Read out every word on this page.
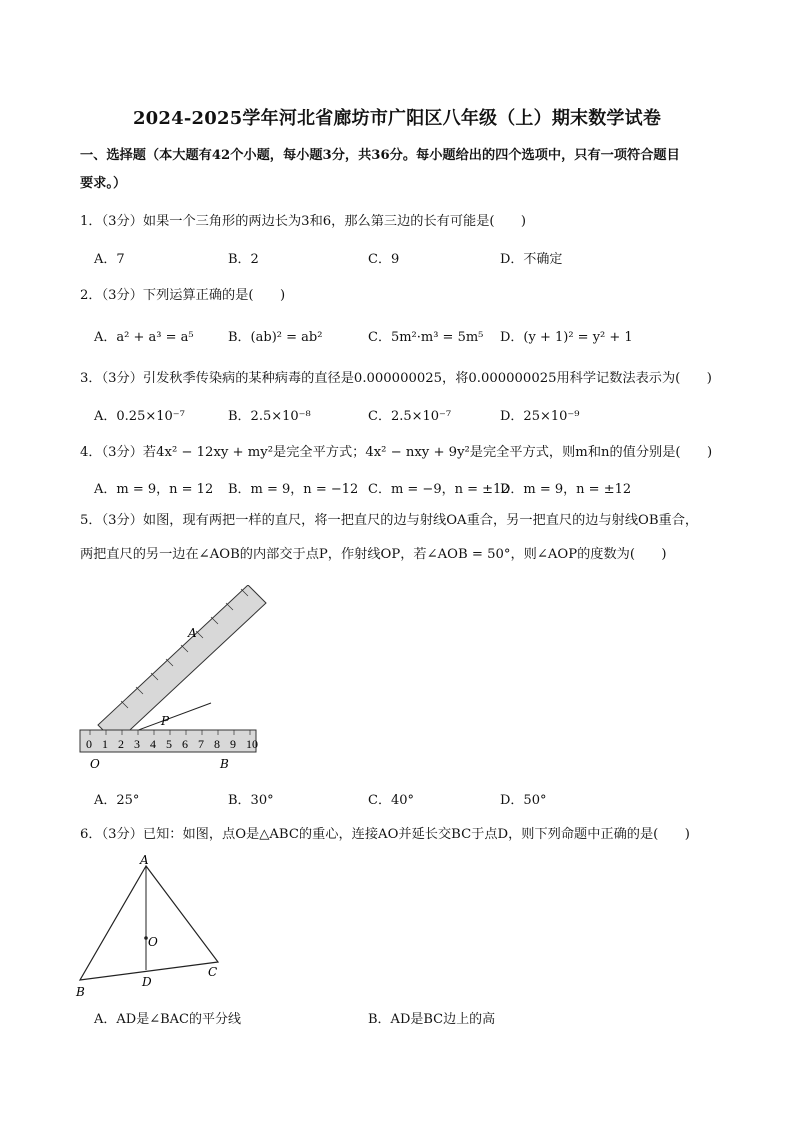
2024-2025学年河北省廊坊市广阳区八年级（上）期末数学试卷
一、选择题（本大题有42个小题，每小题3分，共36分。每小题给出的四个选项中，只有一项符合题目
要求。）
1．（3分）如果一个三角形的两边长为3和6，那么第三边的长有可能是(　　)
A．7	B．2	C．9	D．不确定
2．（3分）下列运算正确的是(　　)
A．a² + a³ = a⁵	B．(ab)² = ab²	C．5m²·m³ = 5m⁵ D．(y + 1)² = y² + 1
3．（3分）引发秋季传染病的某种病毒的直径是0.000000025，将0.000000025用科学记数法表示为(　　)
A．0.25×10⁻⁷	B．2.5×10⁻⁸	C．2.5×10⁻⁷	D．25×10⁻⁹
4．（3分）若4x² − 12xy + my²是完全平方式；4x² − nxy + 9y²是完全平方式，则m和n的值分别是(　　)
A．m = 9，n = 12 B．m = 9，n = −12 C．m = −9，n = ±12
D．m = 9，n = ±12
5．（3分）如图，现有两把一样的直尺，将一把直尺的边与射线OA重合，另一把直尺的边与射线OB重合，
两把直尺的另一边在∠AOB的内部交于点P，作射线OP，若∠AOB = 50°，则∠AOP的度数为(　　)
0 1 2 3 4 5 6 7 8 9 10
A
P
O	B
A．25°	B．30°	C．40°	D．50°
6．（3分）已知：如图，点O是△ABC的重心，连接AO并延长交BC于点D，则下列命题中正确的是(　　)
A
O
B
D
C
A．AD是∠BAC的平分线	B．AD是BC边上的高
